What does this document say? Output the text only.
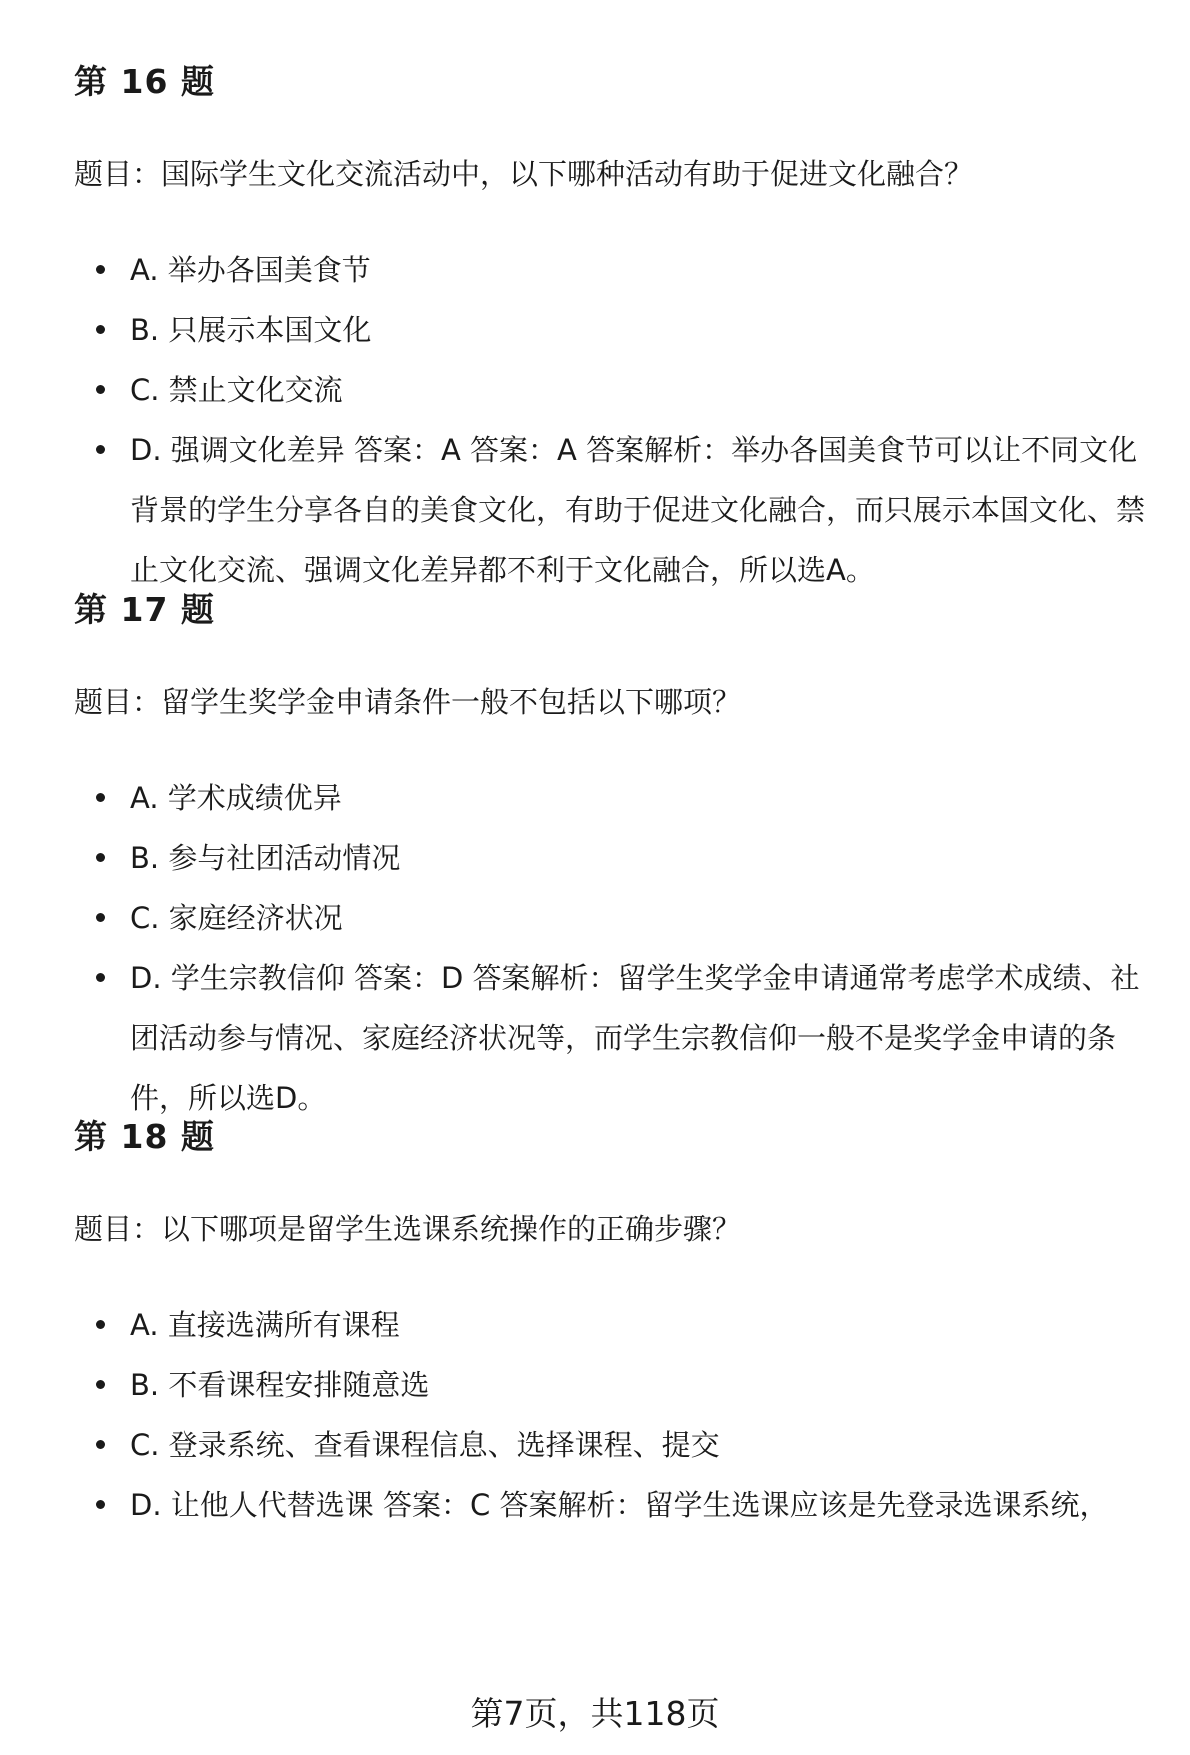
第 16 题

题目：国际学生文化交流活动中，以下哪种活动有助于促进文化融合？

A. 举办各国美食节
B. 只展示本国文化
C. 禁止文化交流
D. 强调文化差异 答案：A 答案：A 答案解析：举办各国美食节可以让不同文化背景的学生分享各自的美食文化，有助于促进文化融合，而只展示本国文化、禁止文化交流、强调文化差异都不利于文化融合，所以选A。
第 17 题

题目：留学生奖学金申请条件一般不包括以下哪项？

A. 学术成绩优异
B. 参与社团活动情况
C. 家庭经济状况
D. 学生宗教信仰 答案：D 答案解析：留学生奖学金申请通常考虑学术成绩、社团活动参与情况、家庭经济状况等，而学生宗教信仰一般不是奖学金申请的条件，所以选D。
第 18 题

题目：以下哪项是留学生选课系统操作的正确步骤？

A. 直接选满所有课程
B. 不看课程安排随意选
C. 登录系统、查看课程信息、选择课程、提交
D. 让他人代替选课 答案：C 答案解析：留学生选课应该是先登录选课系统，
第7页，共118页
